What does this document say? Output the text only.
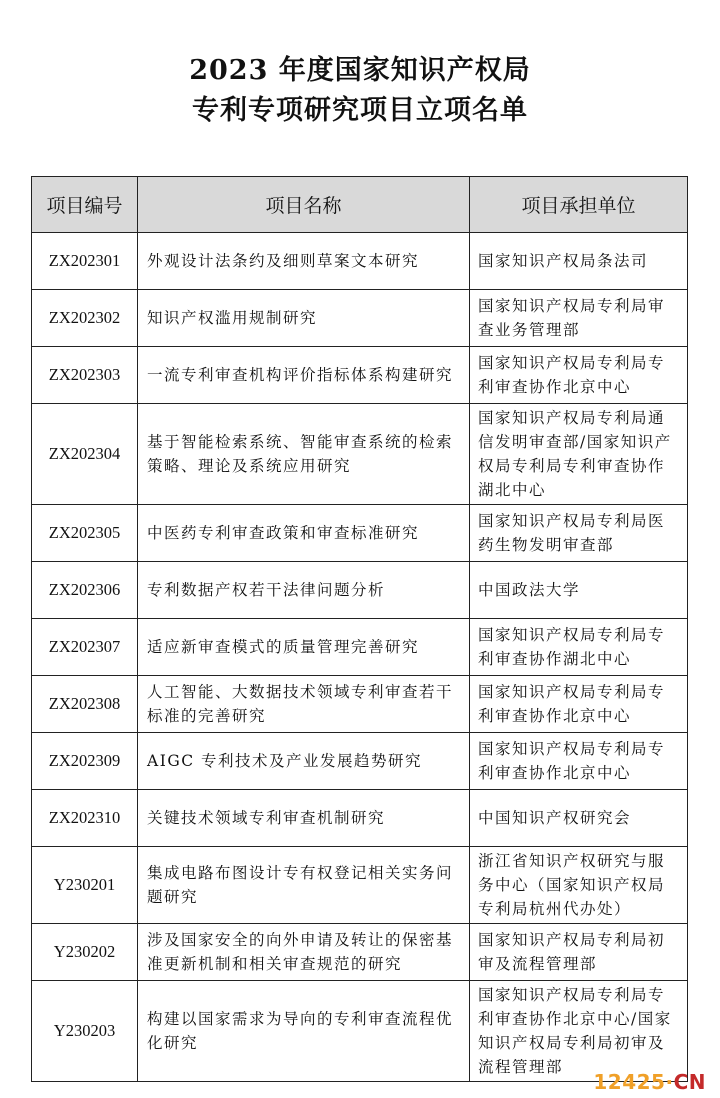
2023 年度国家知识产权局
专利专项研究项目立项名单
项目编号	项目名称	项目承担单位
ZX202301	外观设计法条约及细则草案文本研究	国家知识产权局条法司
ZX202302	知识产权滥用规制研究	国家知识产权局专利局审查业务管理部
ZX202303	一流专利审查机构评价指标体系构建研究	国家知识产权局专利局专利审查协作北京中心
ZX202304	基于智能检索系统、智能审查系统的检索策略、理论及系统应用研究	国家知识产权局专利局通信发明审查部/国家知识产权局专利局专利审查协作湖北中心
ZX202305	中医药专利审查政策和审查标准研究	国家知识产权局专利局医药生物发明审查部
ZX202306	专利数据产权若干法律问题分析	中国政法大学
ZX202307	适应新审查模式的质量管理完善研究	国家知识产权局专利局专利审查协作湖北中心
ZX202308	人工智能、大数据技术领域专利审查若干标准的完善研究	国家知识产权局专利局专利审查协作北京中心
ZX202309	AIGC 专利技术及产业发展趋势研究	国家知识产权局专利局专利审查协作北京中心
ZX202310	关键技术领域专利审查机制研究	中国知识产权研究会
Y230201	集成电路布图设计专有权登记相关实务问题研究	浙江省知识产权研究与服务中心（国家知识产权局专利局杭州代办处）
Y230202	涉及国家安全的向外申请及转让的保密基准更新机制和相关审查规范的研究	国家知识产权局专利局初审及流程管理部
Y230203	构建以国家需求为导向的专利审查流程优化研究	国家知识产权局专利局专利审查协作北京中心/国家知识产权局专利局初审及流程管理部
12425·CN
